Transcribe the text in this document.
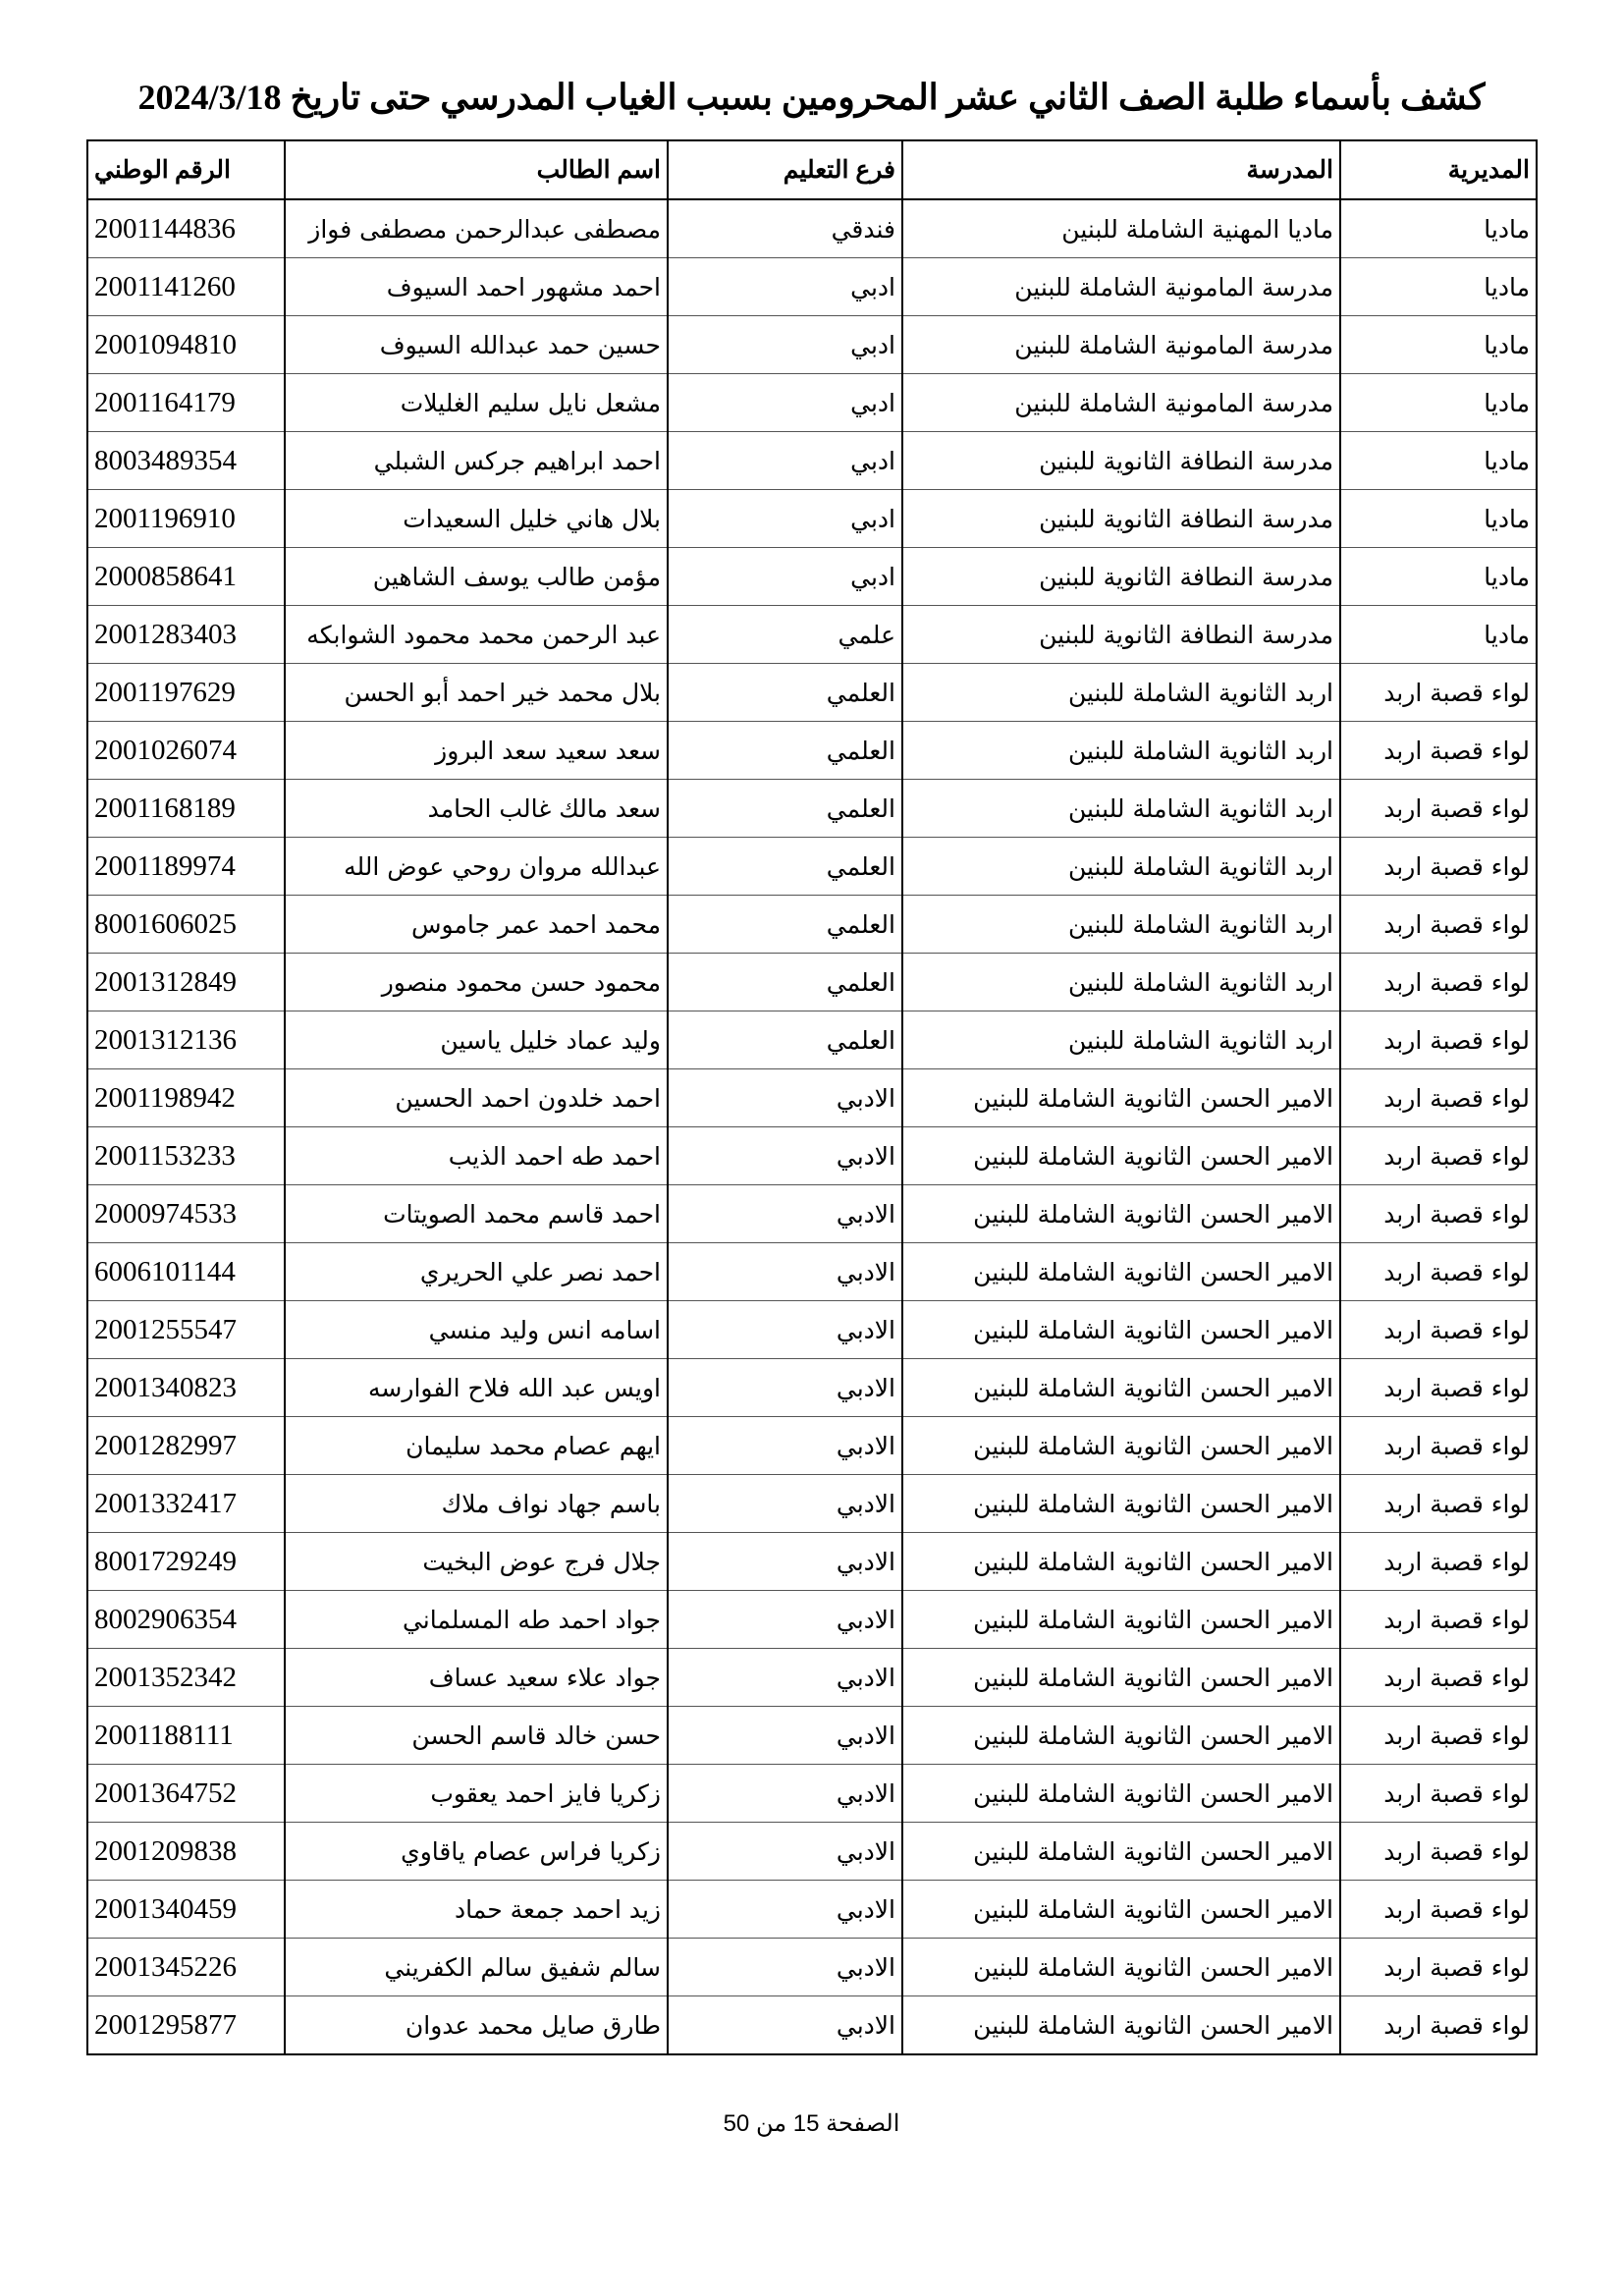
كشف بأسماء طلبة الصف الثاني عشر المحرومين بسبب الغياب المدرسي حتى تاريخ 2024/3/18
المديرية	المدرسة	فرع التعليم	اسم الطالب	الرقم الوطني
ماديا	ماديا المهنية الشاملة للبنين	فندقي	مصطفى عبدالرحمن مصطفى فواز	2001144836
ماديا	مدرسة المامونية الشاملة للبنين	ادبي	احمد مشهور احمد السيوف	2001141260
ماديا	مدرسة المامونية الشاملة للبنين	ادبي	حسين حمد عبدالله السيوف	2001094810
ماديا	مدرسة المامونية الشاملة للبنين	ادبي	مشعل نايل سليم الغليلات	2001164179
ماديا	مدرسة النطافة الثانوية للبنين	ادبي	احمد ابراهيم جركس الشبلي	8003489354
ماديا	مدرسة النطافة الثانوية للبنين	ادبي	بلال هاني خليل السعيدات	2001196910
ماديا	مدرسة النطافة الثانوية للبنين	ادبي	مؤمن طالب يوسف الشاهين	2000858641
ماديا	مدرسة النطافة الثانوية للبنين	علمي	عبد الرحمن محمد محمود الشوابكه	2001283403
لواء قصبة اربد	اربد الثانوية الشاملة للبنين	العلمي	بلال محمد خير احمد أبو الحسن	2001197629
لواء قصبة اربد	اربد الثانوية الشاملة للبنين	العلمي	سعد سعيد سعد البروز	2001026074
لواء قصبة اربد	اربد الثانوية الشاملة للبنين	العلمي	سعد مالك غالب الحامد	2001168189
لواء قصبة اربد	اربد الثانوية الشاملة للبنين	العلمي	عبدالله مروان روحي عوض الله	2001189974
لواء قصبة اربد	اربد الثانوية الشاملة للبنين	العلمي	محمد احمد عمر جاموس	8001606025
لواء قصبة اربد	اربد الثانوية الشاملة للبنين	العلمي	محمود حسن محمود منصور	2001312849
لواء قصبة اربد	اربد الثانوية الشاملة للبنين	العلمي	وليد عماد خليل ياسين	2001312136
لواء قصبة اربد	الامير الحسن الثانوية الشاملة للبنين	الادبي	احمد خلدون احمد الحسين	2001198942
لواء قصبة اربد	الامير الحسن الثانوية الشاملة للبنين	الادبي	احمد طه احمد الذيب	2001153233
لواء قصبة اربد	الامير الحسن الثانوية الشاملة للبنين	الادبي	احمد قاسم محمد الصويتات	2000974533
لواء قصبة اربد	الامير الحسن الثانوية الشاملة للبنين	الادبي	احمد نصر علي الحريري	6006101144
لواء قصبة اربد	الامير الحسن الثانوية الشاملة للبنين	الادبي	اسامه انس وليد منسي	2001255547
لواء قصبة اربد	الامير الحسن الثانوية الشاملة للبنين	الادبي	اويس عبد الله فلاح الفوارسه	2001340823
لواء قصبة اربد	الامير الحسن الثانوية الشاملة للبنين	الادبي	ايهم عصام محمد سليمان	2001282997
لواء قصبة اربد	الامير الحسن الثانوية الشاملة للبنين	الادبي	باسم جهاد نواف ملاك	2001332417
لواء قصبة اربد	الامير الحسن الثانوية الشاملة للبنين	الادبي	جلال فرج عوض البخيت	8001729249
لواء قصبة اربد	الامير الحسن الثانوية الشاملة للبنين	الادبي	جواد احمد طه المسلماني	8002906354
لواء قصبة اربد	الامير الحسن الثانوية الشاملة للبنين	الادبي	جواد علاء سعيد عساف	2001352342
لواء قصبة اربد	الامير الحسن الثانوية الشاملة للبنين	الادبي	حسن خالد قاسم الحسن	2001188111
لواء قصبة اربد	الامير الحسن الثانوية الشاملة للبنين	الادبي	زكريا فايز احمد يعقوب	2001364752
لواء قصبة اربد	الامير الحسن الثانوية الشاملة للبنين	الادبي	زكريا فراس عصام ياقاوي	2001209838
لواء قصبة اربد	الامير الحسن الثانوية الشاملة للبنين	الادبي	زيد احمد جمعة حماد	2001340459
لواء قصبة اربد	الامير الحسن الثانوية الشاملة للبنين	الادبي	سالم شفيق سالم الكفريني	2001345226
لواء قصبة اربد	الامير الحسن الثانوية الشاملة للبنين	الادبي	طارق صايل محمد عدوان	2001295877
الصفحة 15 من 50
